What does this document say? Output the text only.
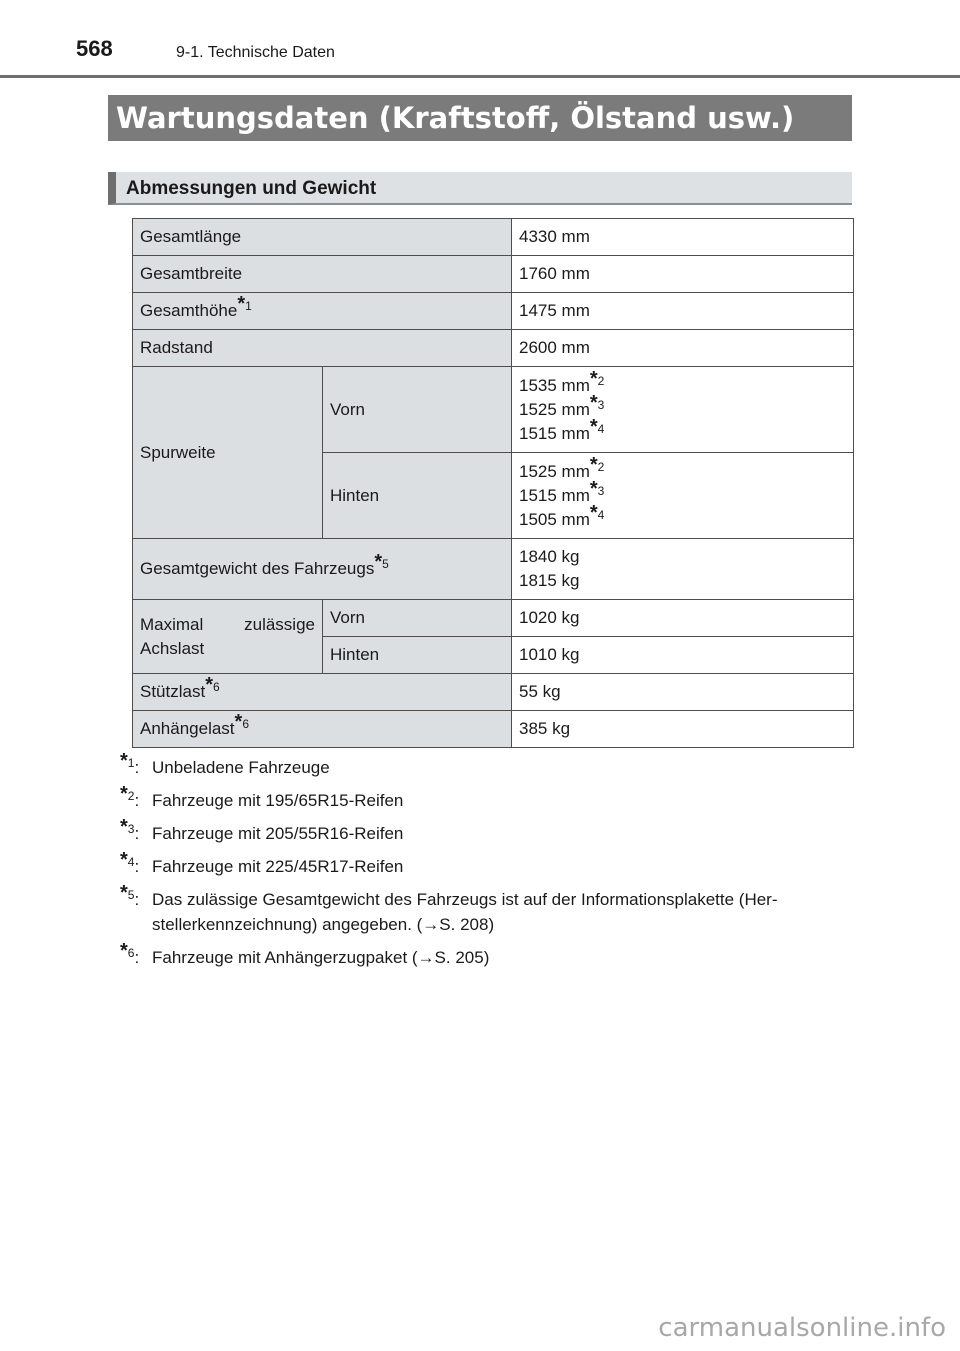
568	9-1. Technische Daten
Wartungsdaten (Kraftstoff, Ölstand usw.)
Abmessungen und Gewicht
Gesamtlänge		4330 mm
Gesamtbreite		1760 mm
Gesamthöhe*$^1$		1475 mm
Radstand		2600 mm
Spurweite	Vorn	1535 mm*$^2$
1525 mm*$^3$
1515 mm*$^4$

	Hinten	1525 mm*$^2$
1515 mm*$^3$
1505 mm*$^4$

Gesamtgewicht des Fahrzeugs*$^5$		1840 kg
1815 kg

Maximal zulässige Achslast	Vorn	1020 kg
	Hinten	1010 kg
Stützlast*$^6$		55 kg
Anhängelast*$^6$		385 kg
*$^1$: Unbeladene Fahrzeuge
*$^2$: Fahrzeuge mit 195/65R15-Reifen
*$^3$: Fahrzeuge mit 205/55R16-Reifen
*$^4$: Fahrzeuge mit 225/45R17-Reifen
*$^5$: Das zulässige Gesamtgewicht des Fahrzeugs ist auf der Informationsplakette (Her-stellerkennzeichnung) angegeben. (→S. 208)
*$^6$: Fahrzeuge mit Anhängerzugpaket (→S. 205)
carmanualsonline.info
